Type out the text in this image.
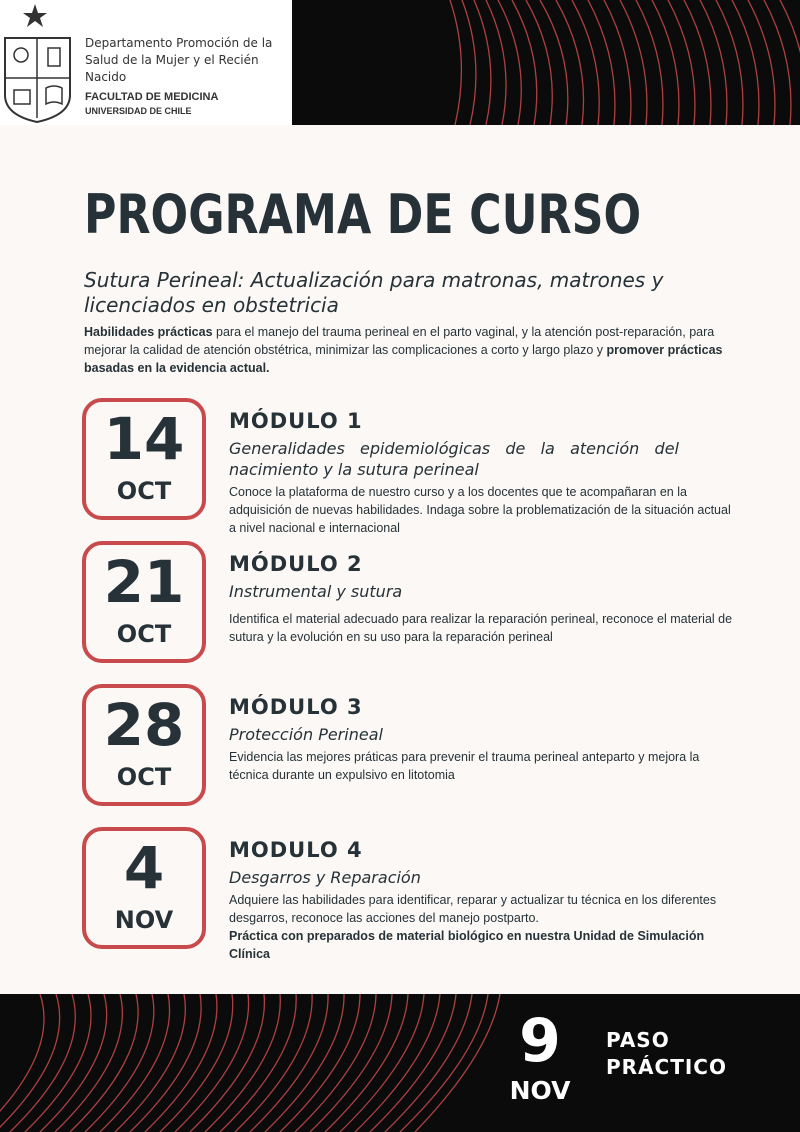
Departamento Promoción de la
Salud de la Mujer y el Recién Nacido
FACULTAD DE MEDICINA
UNIVERSIDAD DE CHILE
PROGRAMA DE CURSO

Sutura Perineal: Actualización para matronas, matrones y licenciados en obstetricia

Habilidades prácticas para el manejo del trauma perineal en el parto vaginal, y la atención post-reparación, para mejorar la calidad de atención obstétrica, minimizar las complicaciones a corto y largo plazo y promover prácticas basadas en la evidencia actual.

14
OCT
MÓDULO 1

Generalidades epidemiológicas de la atención del nacimiento y la sutura perineal

Conoce la plataforma de nuestro curso y a los docentes que te acompañaran en la adquisición de nuevas habilidades. Indaga sobre la problematización de la situación actual a nivel nacional e internacional

21
OCT
MÓDULO 2

Instrumental y sutura

Identifica el material adecuado para realizar la reparación perineal, reconoce el material de sutura y la evolución en su uso para la reparación perineal

28
OCT
MÓDULO 3

Protección Perineal

Evidencia las mejores práticas para prevenir el trauma perineal anteparto y mejora la técnica durante un expulsivo en litotomia

4
NOV
MODULO 4

Desgarros y Reparación

Adquiere las habilidades para identificar, reparar y actualizar tu técnica en los diferentes desgarros, reconoce las acciones del manejo postparto.

Práctica con preparados de material biológico en nuestra Unidad de Simulación Clínica

9
NOV
PASO
PRÁCTICO
